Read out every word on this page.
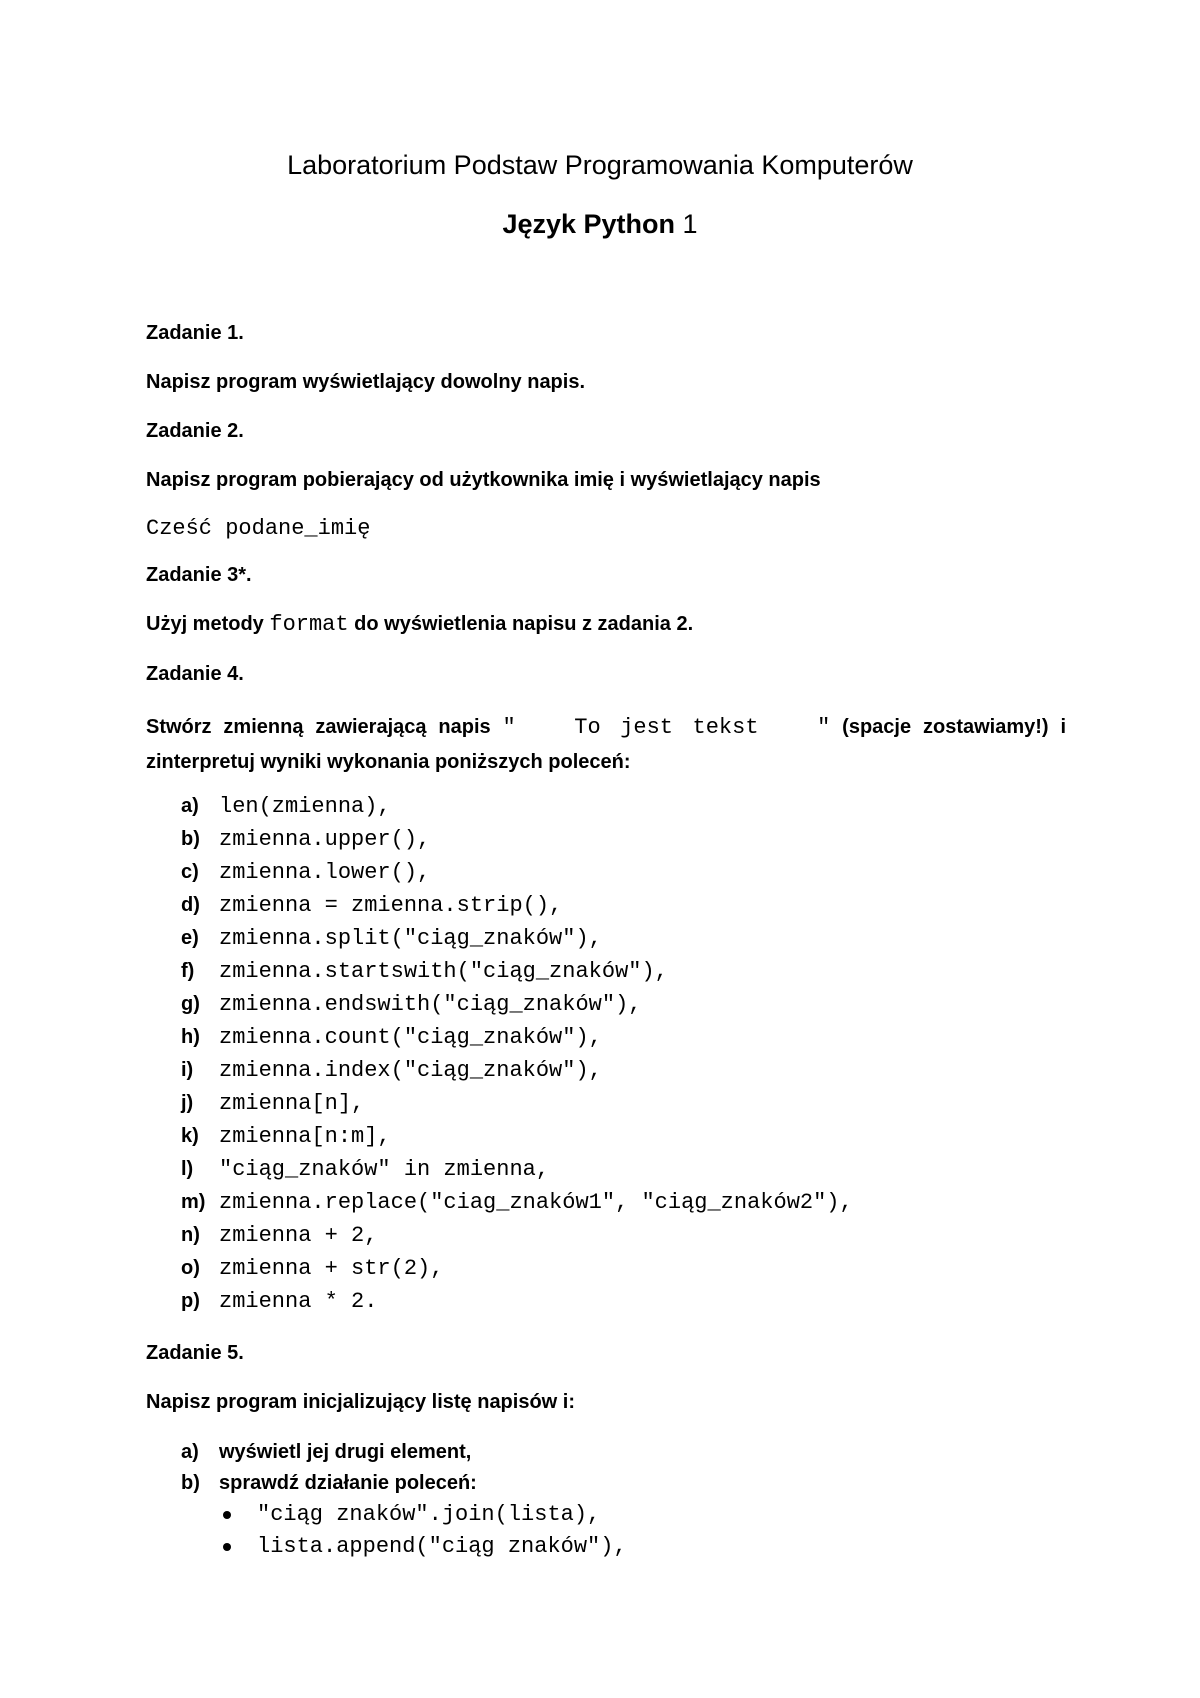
Laboratorium Podstaw Programowania Komputerów
Język Python 1

Zadanie 1.

Napisz program wyświetlający dowolny napis.

Zadanie 2.

Napisz program pobierający od użytkownika imię i wyświetlający napis

Cześć podane_imię

Zadanie 3*.

Użyj metody format do wyświetlenia napisu z zadania 2.

Zadanie 4.

Stwórz zmienną zawierającą napis "   To jest tekst   " (spacje zostawiamy!) i zinterpretuj wyniki wykonania poniższych poleceń:

a) len(zmienna),
b) zmienna.upper(),
c) zmienna.lower(),
d) zmienna = zmienna.strip(),
e) zmienna.split("ciąg_znaków"),
f)	zmienna.startswith("ciąg_znaków"),
g) zmienna.endswith("ciąg_znaków"),
h) zmienna.count("ciąg_znaków"),
i)	zmienna.index("ciąg_znaków"),
j)	zmienna[n],
k) zmienna[n:m],
l)	"ciąg_znaków" in zmienna,
m) zmienna.replace("ciag_znaków1", "ciąg_znaków2"),
n) zmienna + 2,
o) zmienna + str(2),
p) zmienna * 2.

Zadanie 5.

Napisz program inicjalizujący listę napisów i:

a)	wyświetl jej drugi element,
b) sprawdź działanie poleceń:
"ciąg znaków".join(lista),
lista.append("ciąg znaków"),
